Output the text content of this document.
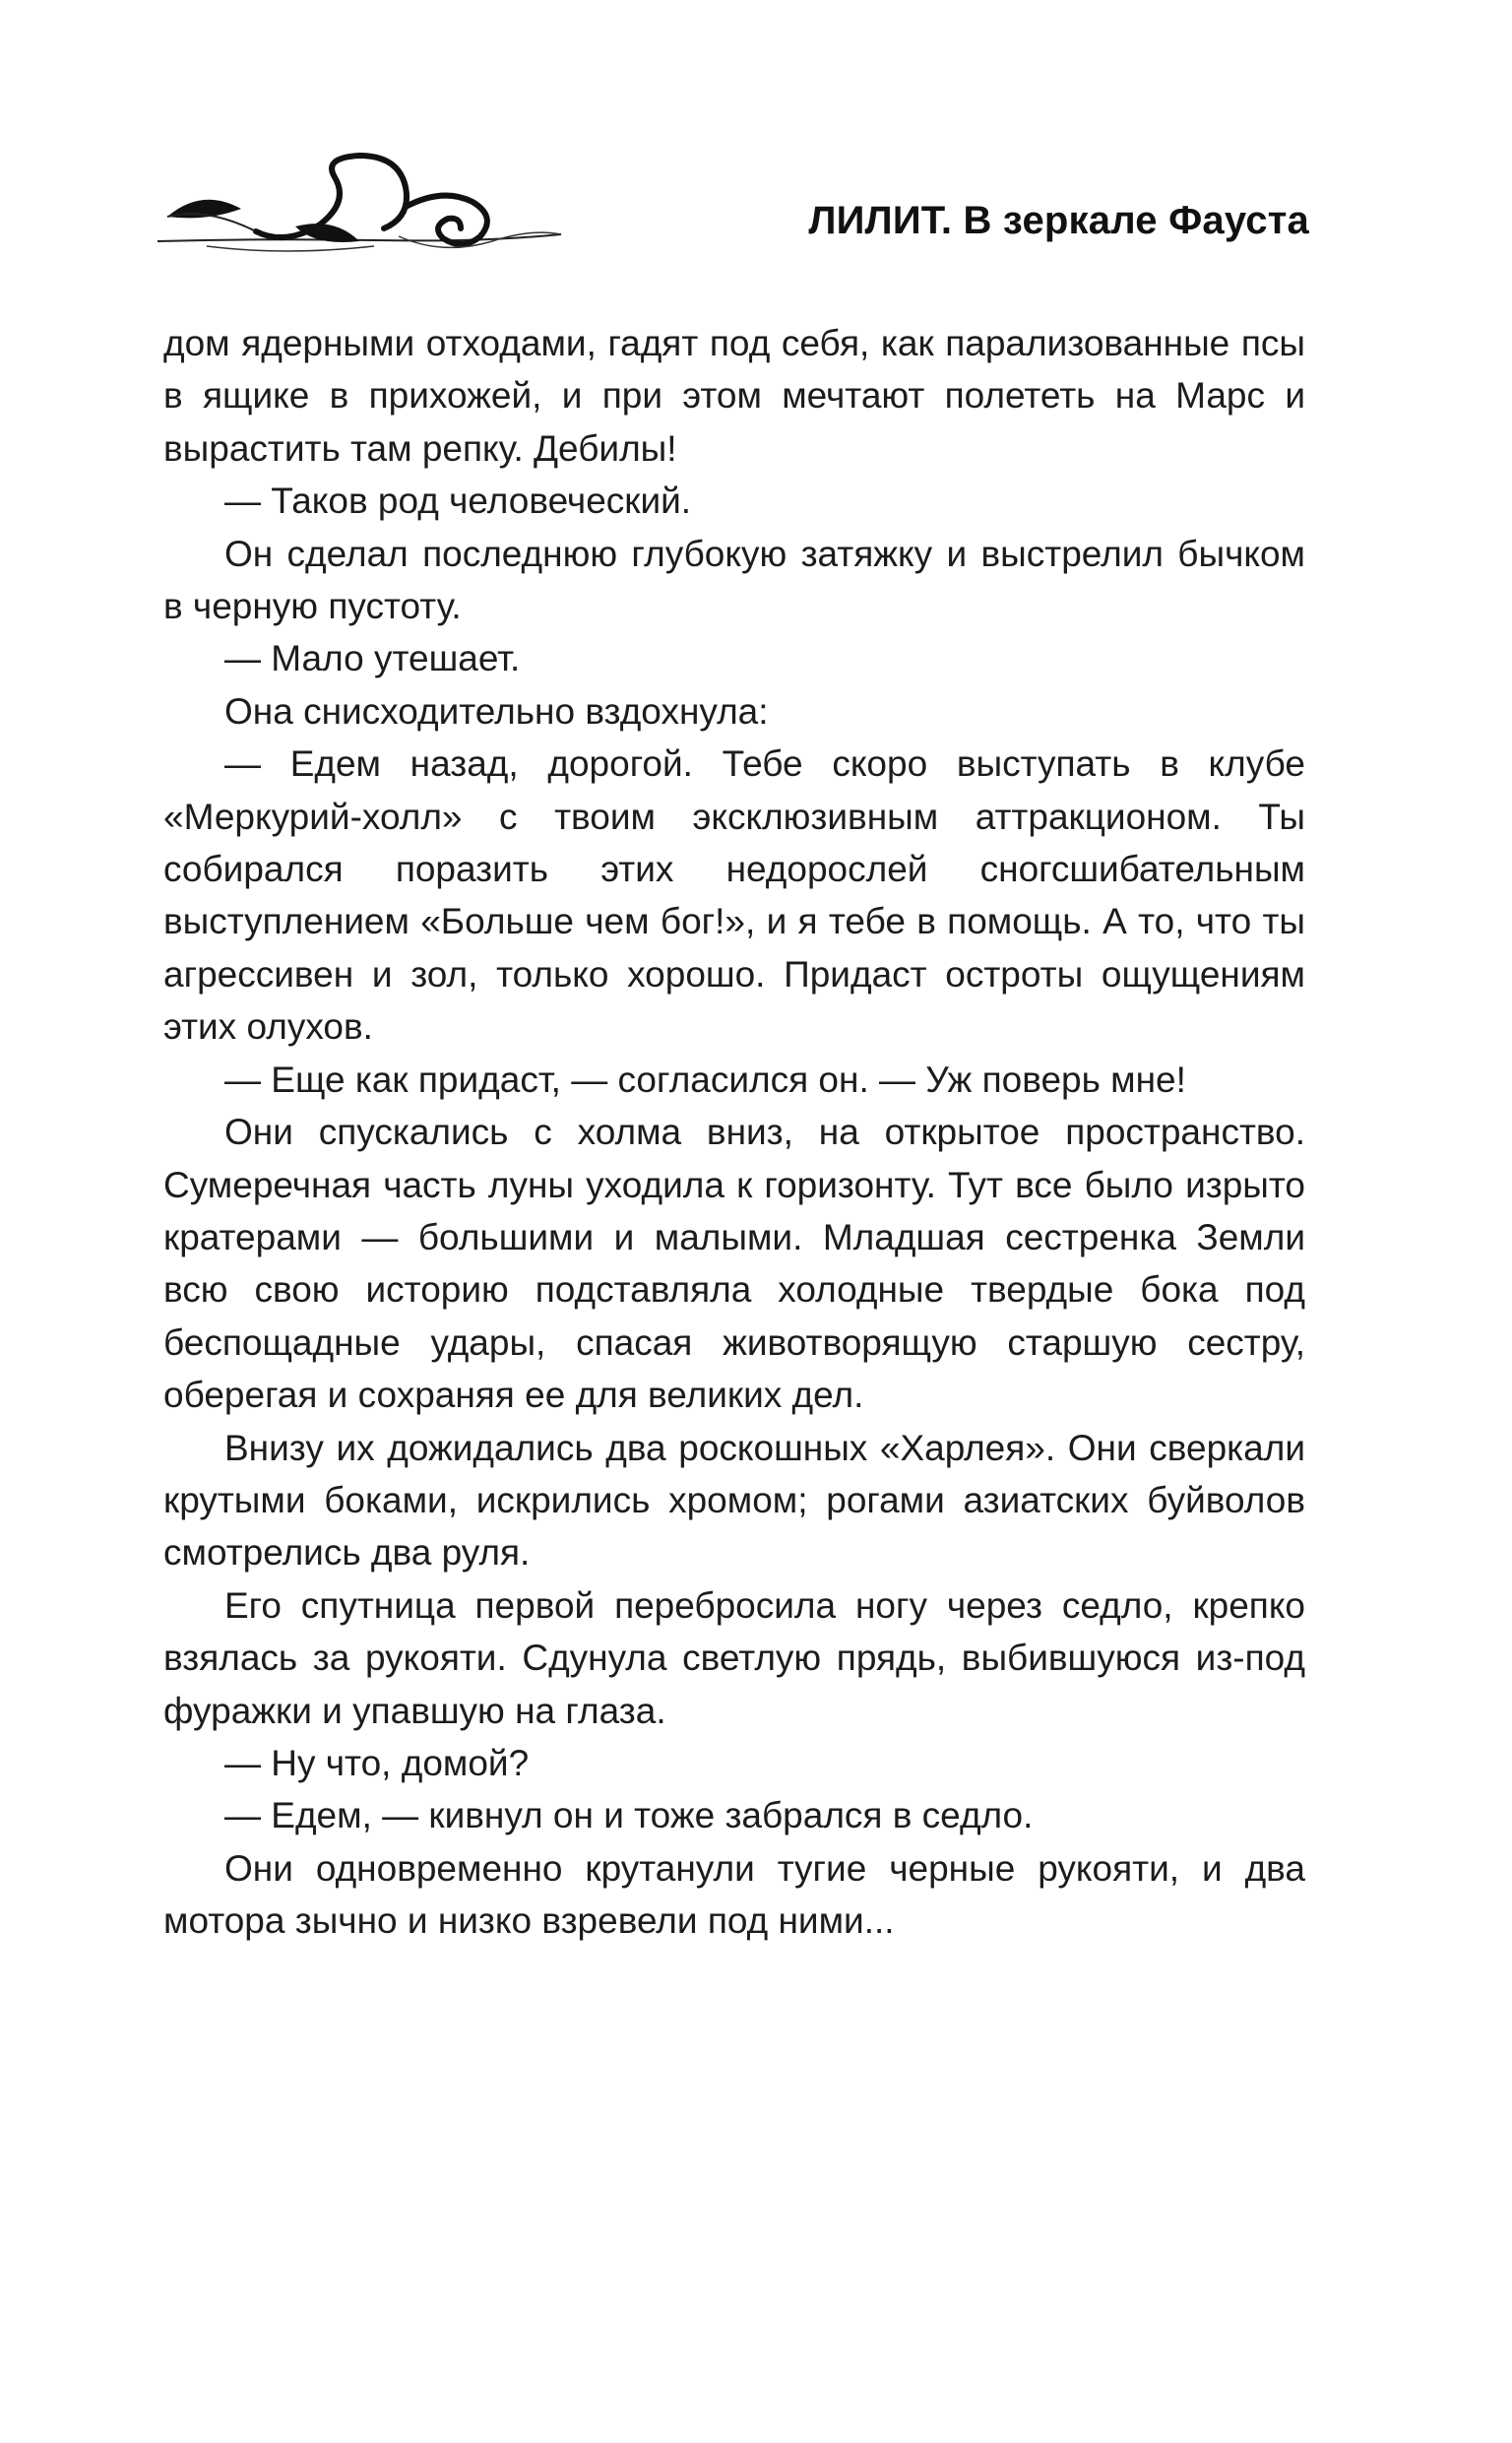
ЛИЛИТ. В зеркале Фауста

дом ядерными отходами, гадят под себя, как парализованные псы в ящике в прихожей, и при этом мечтают полететь на Марс и вырастить там репку. Дебилы!

— Таков род человеческий.

Он сделал последнюю глубокую затяжку и выстрелил бычком в черную пустоту.

— Мало утешает.

Она снисходительно вздохнула:

— Едем назад, дорогой. Тебе скоро выступать в клубе «Меркурий-холл» с твоим эксклюзивным аттракционом. Ты собирался поразить этих недорослей сногсшибательным выступлением «Больше чем бог!», и я тебе в помощь. А то, что ты агрессивен и зол, только хорошо. Придаст остроты ощущениям этих олухов.

— Еще как придаст, — согласился он. — Уж поверь мне!

Они спускались с холма вниз, на открытое пространство. Сумеречная часть луны уходила к горизонту. Тут все было изрыто кратерами — большими и малыми. Младшая сестренка Земли всю свою историю подставляла холодные твердые бока под беспощадные удары, спасая животворящую старшую сестру, оберегая и сохраняя ее для великих дел.

Внизу их дожидались два роскошных «Харлея». Они сверкали крутыми боками, искрились хромом; рогами азиатских буйволов смотрелись два руля.

Его спутница первой перебросила ногу через седло, крепко взялась за рукояти. Сдунула светлую прядь, выбившуюся из-под фуражки и упавшую на глаза.

— Ну что, домой?

— Едем, — кивнул он и тоже забрался в седло.

Они одновременно крутанули тугие черные рукояти, и два мотора зычно и низко взревели под ними...
